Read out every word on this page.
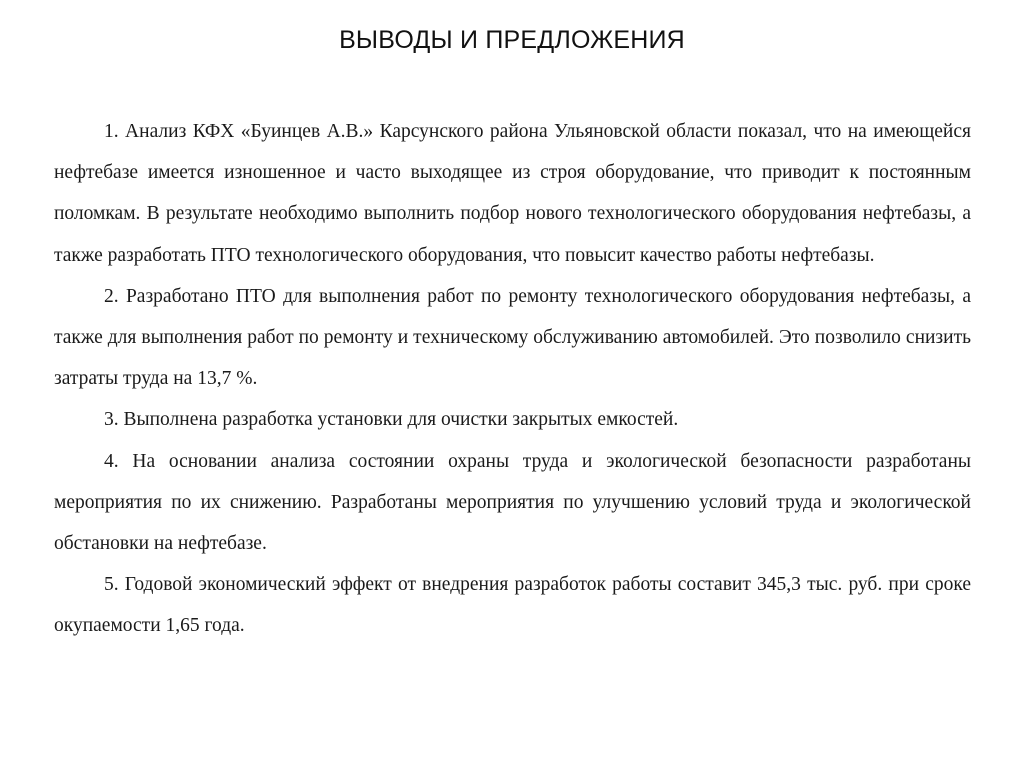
ВЫВОДЫ И ПРЕДЛОЖЕНИЯ

1. Анализ КФХ «Буинцев А.В.» Карсунского района Ульяновской области показал, что на имеющейся нефтебазе имеется изношенное и часто выходящее из строя оборудование, что приводит к постоянным поломкам. В результате необходимо выполнить подбор нового технологического оборудования нефтебазы, а также разработать ПТО технологического оборудования, что повысит качество работы нефтебазы.

2. Разработано ПТО для выполнения работ по ремонту технологического оборудования нефтебазы, а также для выполнения работ по ремонту и техническому обслуживанию автомобилей. Это позволило снизить затраты труда на 13,7 %.

3. Выполнена разработка установки для очистки закрытых емкостей.

4. На основании анализа состоянии охраны труда и экологической безопасности разработаны мероприятия по их снижению. Разработаны мероприятия по улучшению условий труда и экологической обстановки на нефтебазе.

5. Годовой экономический эффект от внедрения разработок работы составит 345,3 тыс. руб. при сроке окупаемости 1,65 года.
